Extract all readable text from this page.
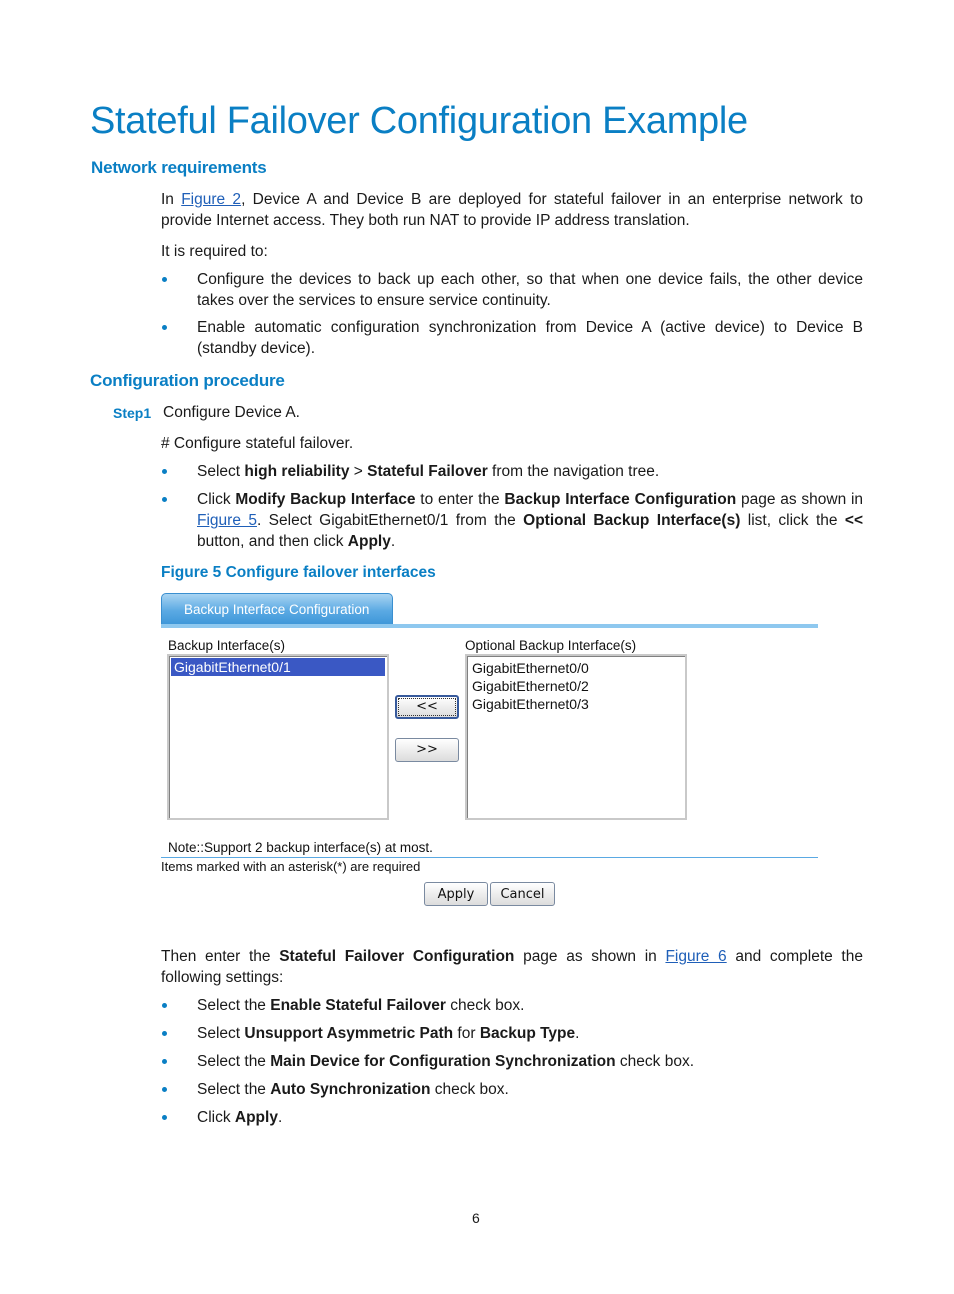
Stateful Failover Configuration Example
Network requirements
In Figure 2, Device A and Device B are deployed for stateful failover in an enterprise network to provide Internet access. They both run NAT to provide IP address translation.
It is required to:
Configure the devices to back up each other, so that when one device fails, the other device takes over the services to ensure service continuity.
Enable automatic configuration synchronization from Device A (active device) to Device B (standby device).
Configuration procedure
Step1 Configure Device A.
# Configure stateful failover.
Select high reliability > Stateful Failover from the navigation tree.
Click Modify Backup Interface to enter the Backup Interface Configuration page as shown in Figure 5. Select GigabitEthernet0/1 from the Optional Backup Interface(s) list, click the << button, and then click Apply.
Figure 5 Configure failover interfaces
Backup Interface Configuration
Backup Interface(s)
GigabitEthernet0/1
Optional Backup Interface(s)
GigabitEthernet0/0
GigabitEthernet0/2
GigabitEthernet0/3
<<
>>
Note::Support 2 backup interface(s) at most.
Items marked with an asterisk(*) are required
Apply	Cancel
Then enter the Stateful Failover Configuration page as shown in Figure 6 and complete the following settings:
Select the Enable Stateful Failover check box.
Select Unsupport Asymmetric Path for Backup Type.
Select the Main Device for Configuration Synchronization check box.
Select the Auto Synchronization check box.
Click Apply.
6
